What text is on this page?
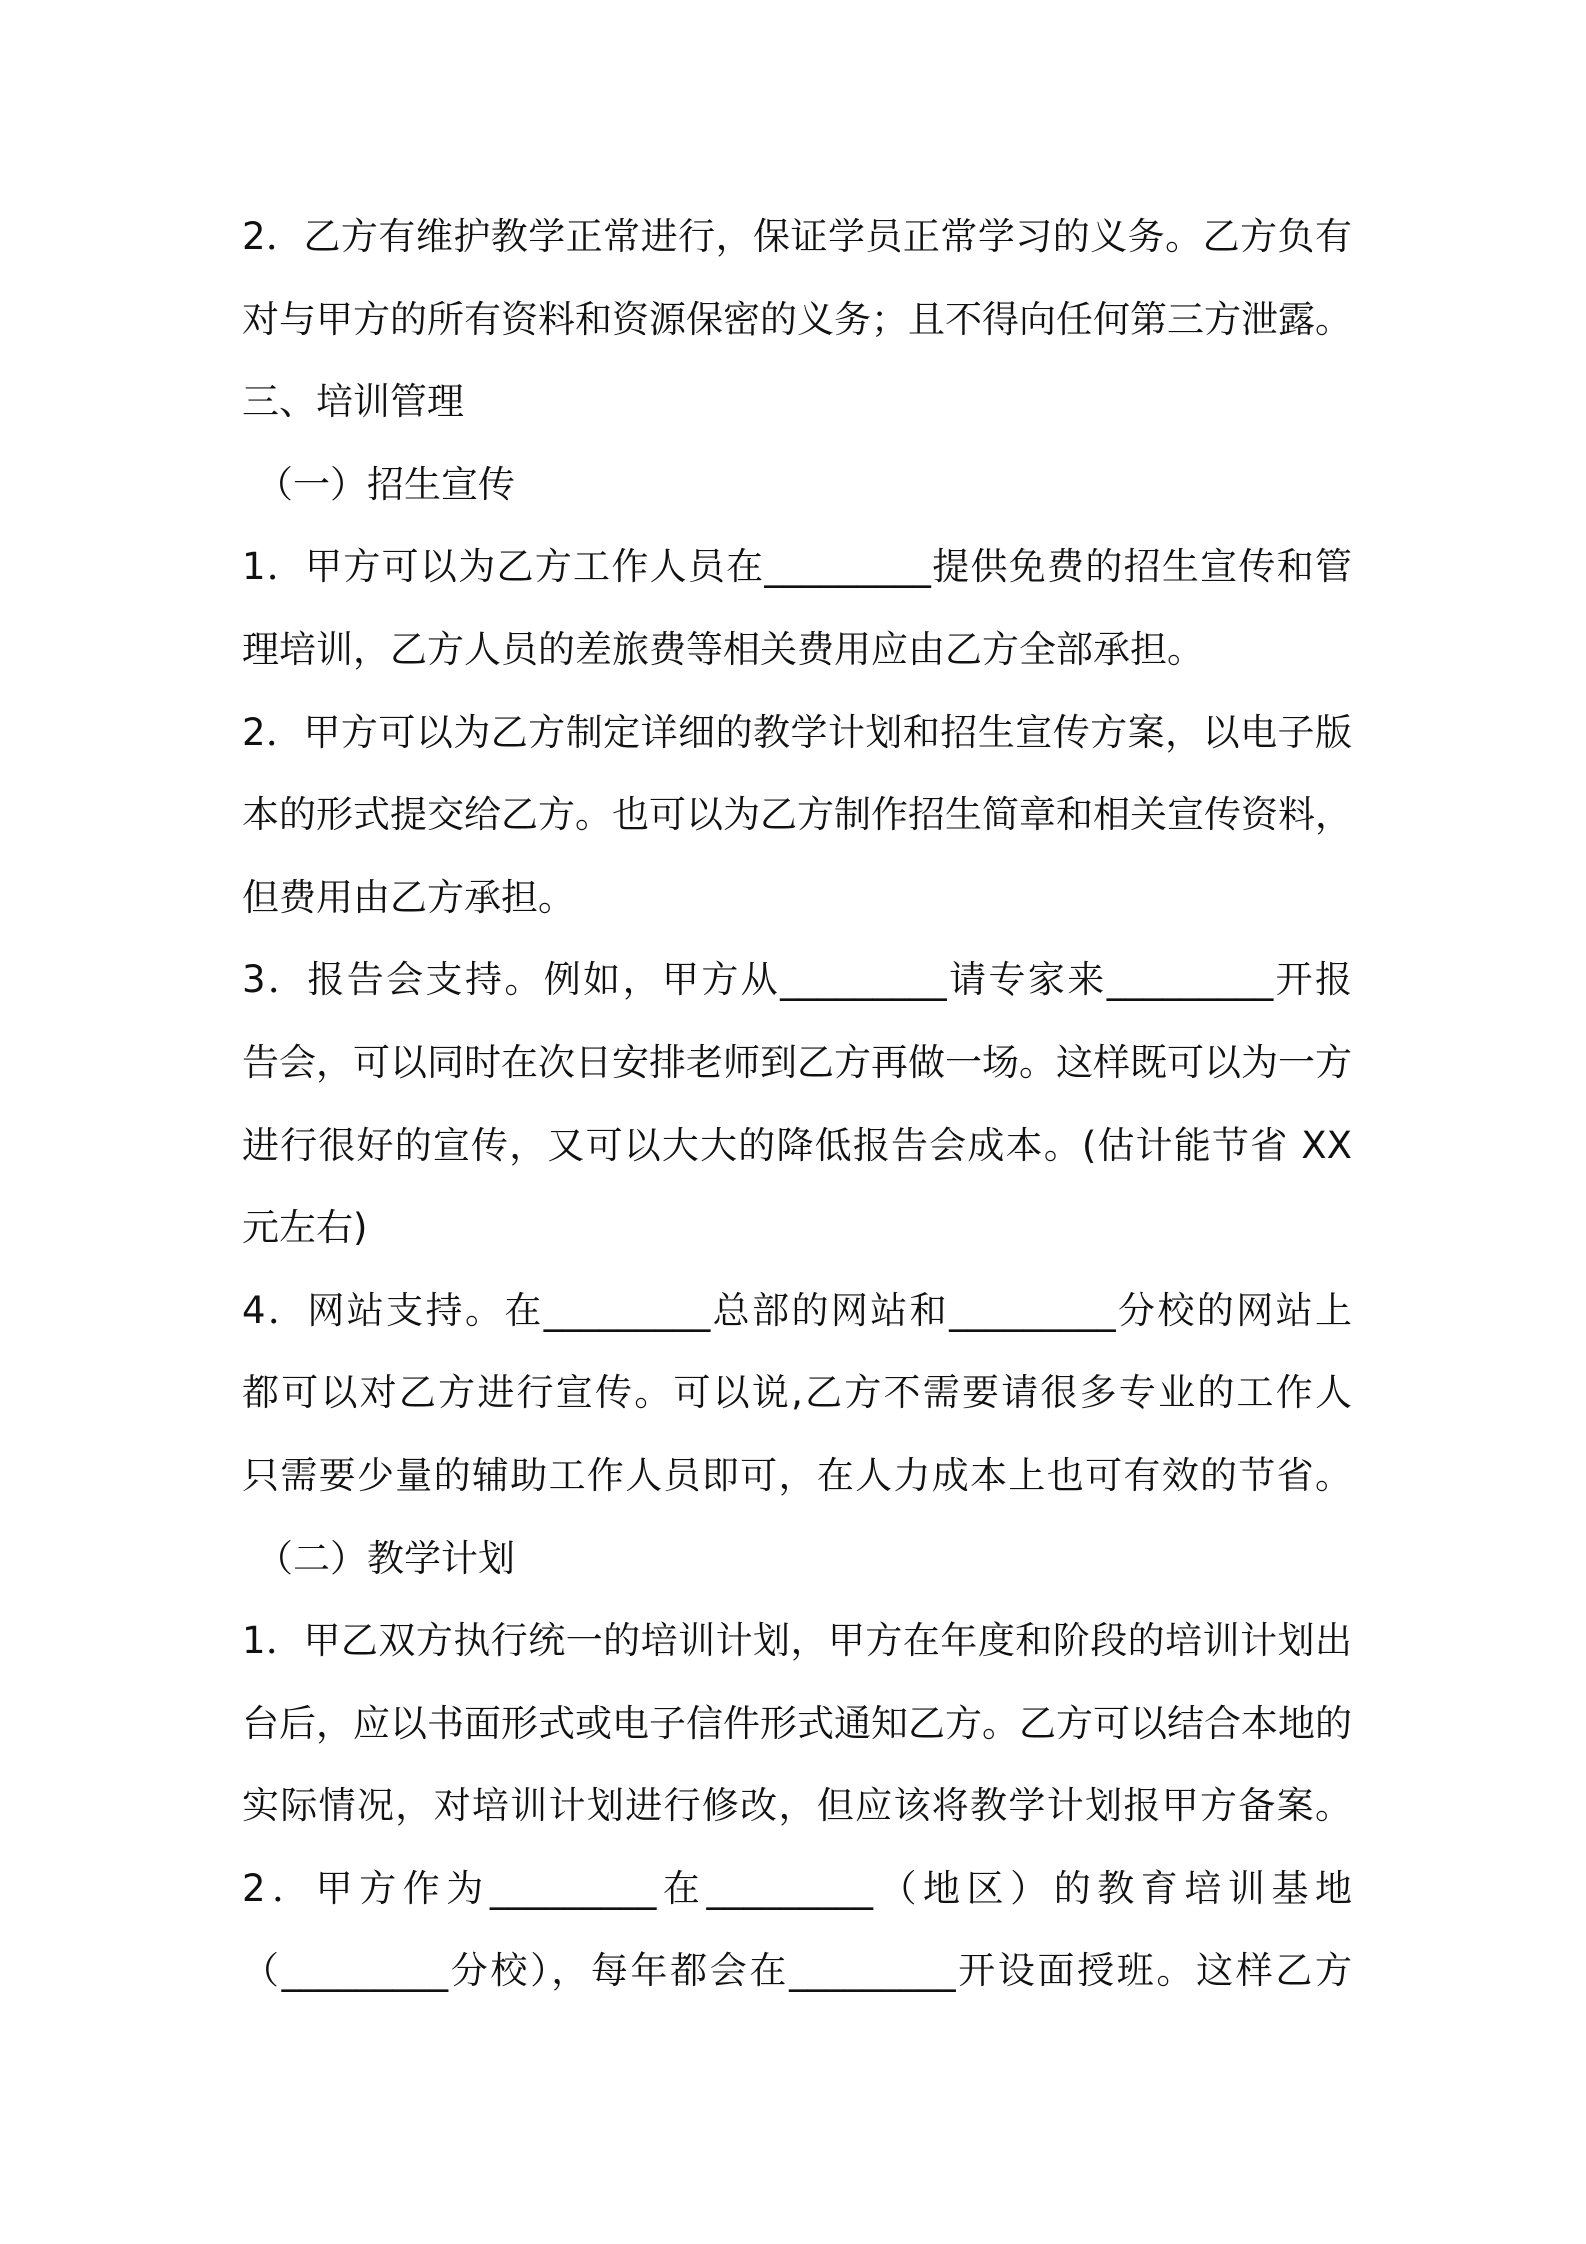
2．乙方有维护教学正常进行，保证学员正常学习的义务。乙方负有
对与甲方的所有资料和资源保密的义务；且不得向任何第三方泄露。
三、培训管理
（一）招生宣传
1．甲方可以为乙方工作人员在_________提供免费的招生宣传和管
理培训，乙方人员的差旅费等相关费用应由乙方全部承担。
2．甲方可以为乙方制定详细的教学计划和招生宣传方案，以电子版
本的形式提交给乙方。也可以为乙方制作招生简章和相关宣传资料，
但费用由乙方承担。
3．报告会支持。例如，甲方从_________请专家来_________开报
告会，可以同时在次日安排老师到乙方再做一场。这样既可以为一方
进行很好的宣传，又可以大大的降低报告会成本。(估计能节省 XX
元左右)
4．网站支持。在_________总部的网站和_________分校的网站上
都可以对乙方进行宣传。可以说,乙方不需要请很多专业的工作人
只需要少量的辅助工作人员即可，在人力成本上也可有效的节省。
（二）教学计划
1．甲乙双方执行统一的培训计划，甲方在年度和阶段的培训计划出
台后，应以书面形式或电子信件形式通知乙方。乙方可以结合本地的
实际情况，对培训计划进行修改，但应该将教学计划报甲方备案。
2．甲方作为_________在_________（地区）的教育培训基地
（_________分校），每年都会在_________开设面授班。这样乙方
